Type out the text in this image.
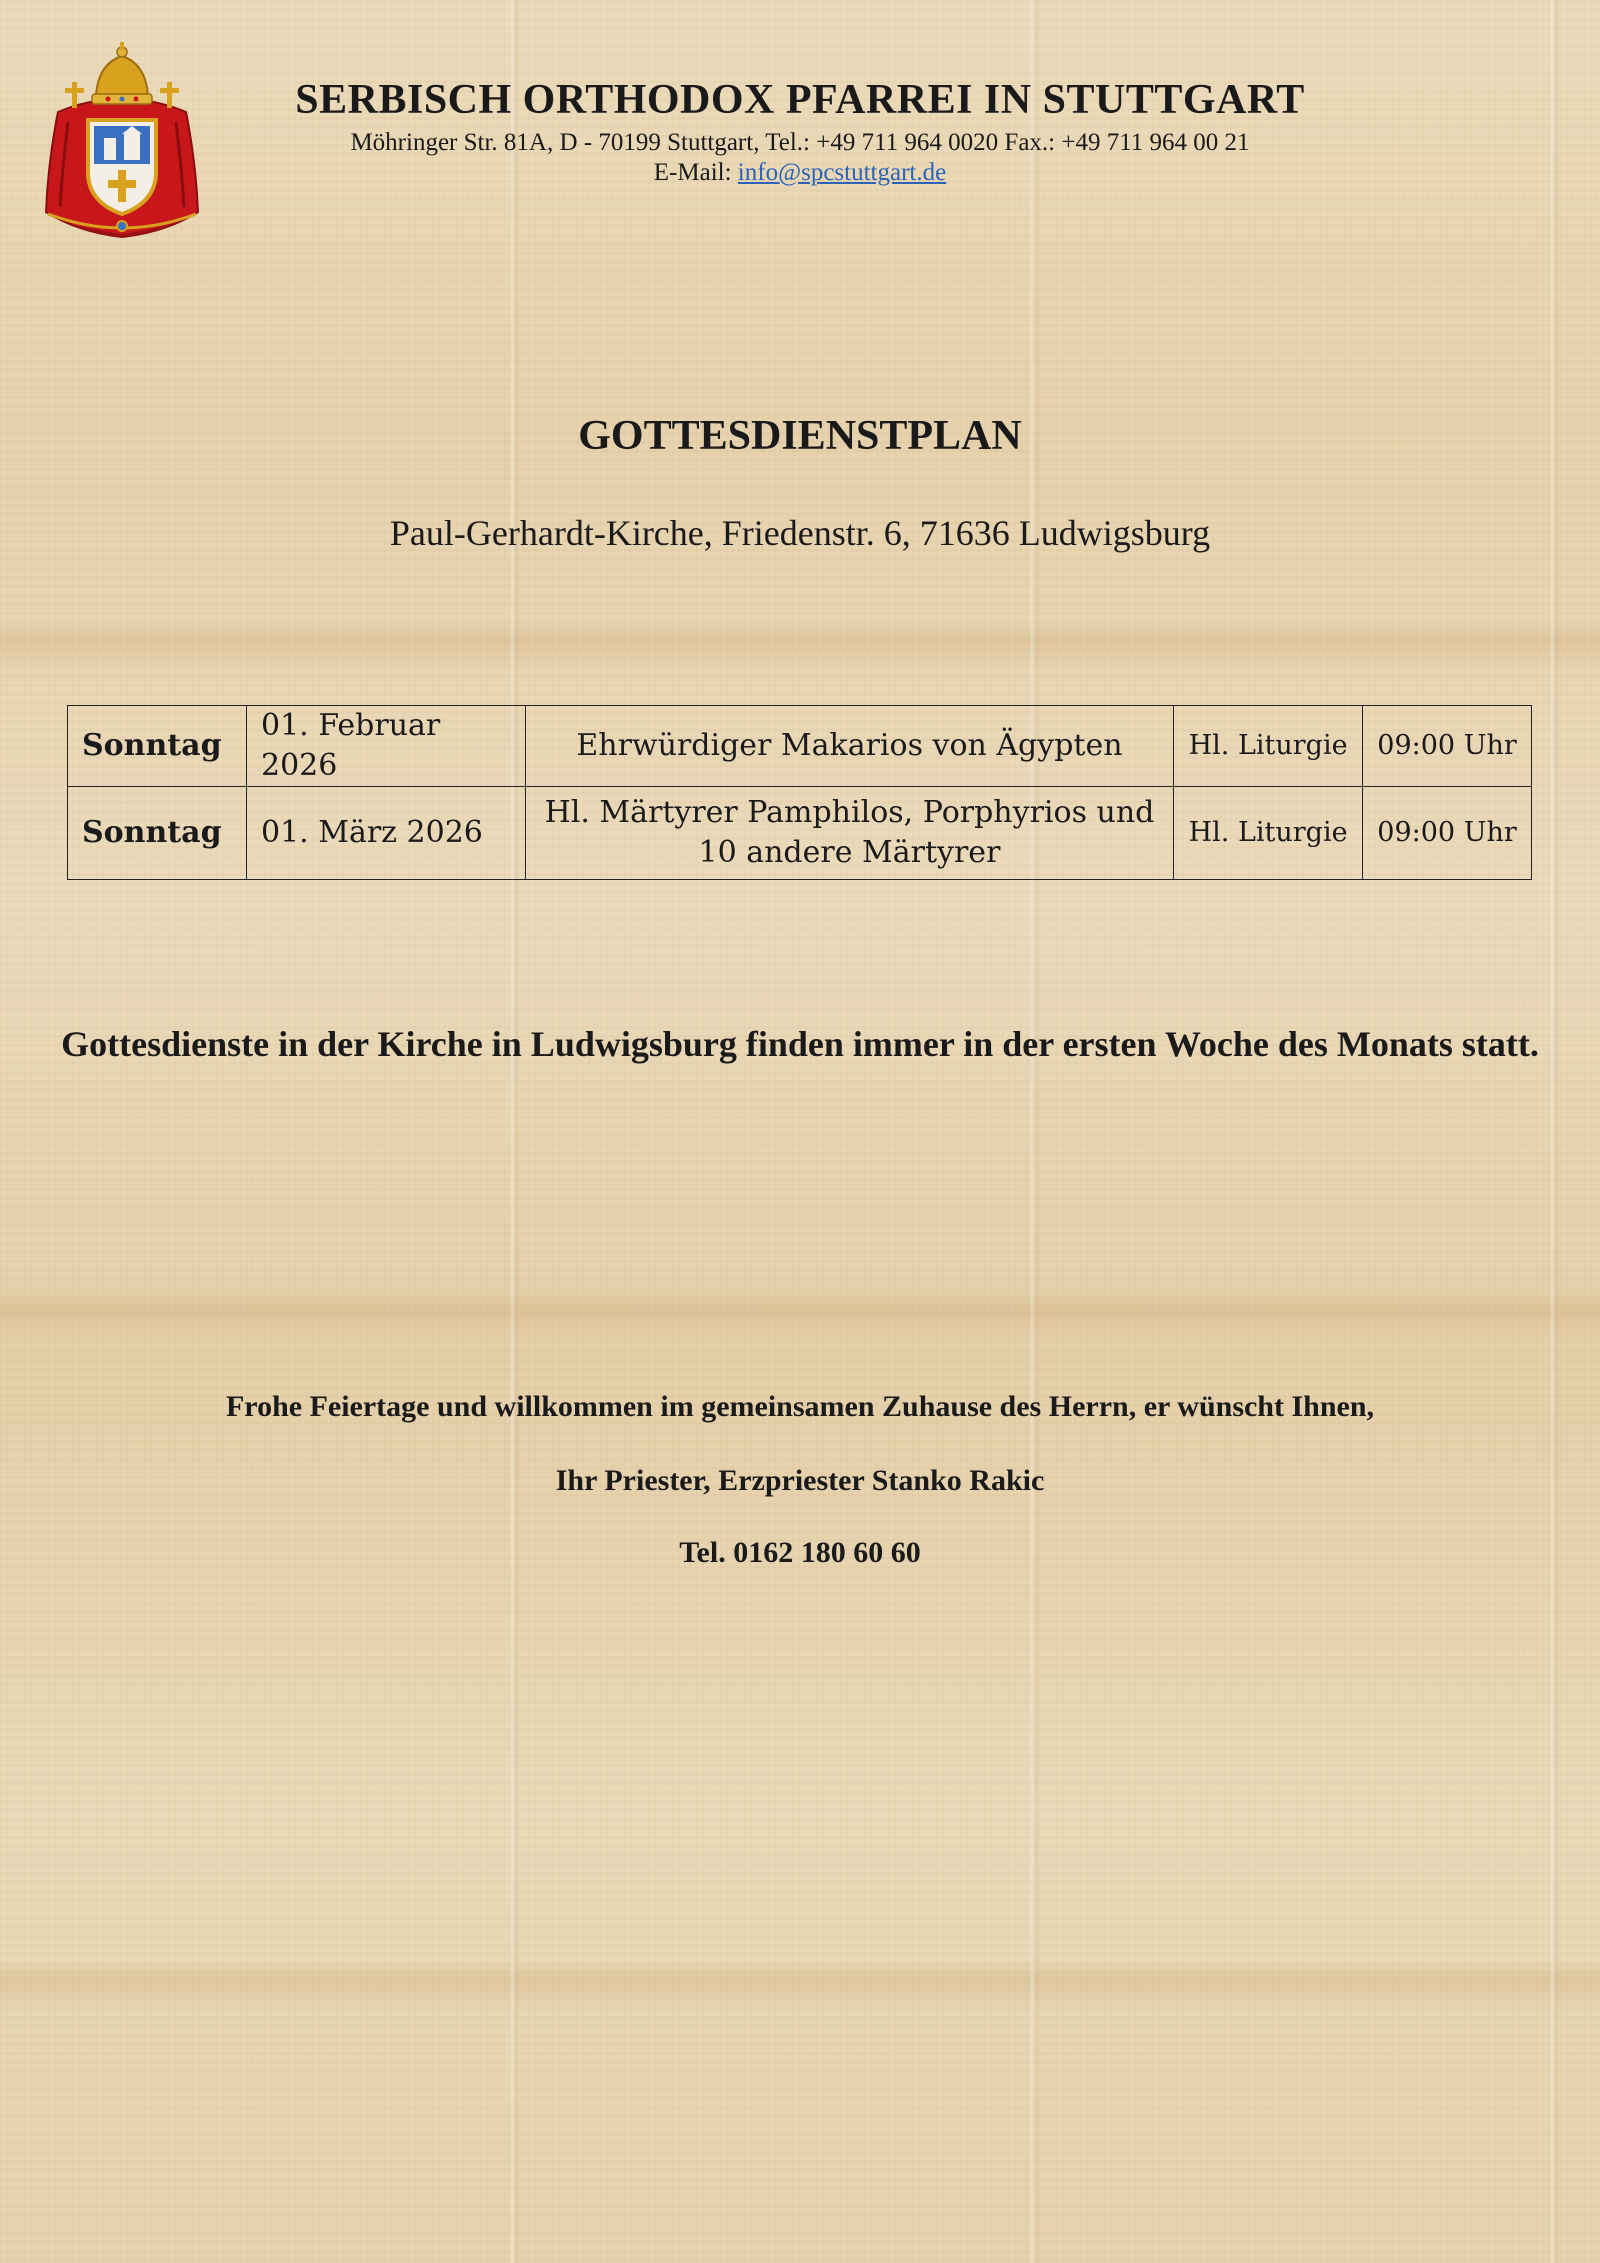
SERBISCH ORTHODOX PFARREI IN STUTTGART
Möhringer Str. 81A, D - 70199 Stuttgart, Tel.: +49 711 964 0020 Fax.: +49 711 964 00 21
E-Mail: info@spcstuttgart.de
GOTTESDIENSTPLAN
Paul-Gerhardt-Kirche, Friedenstr. 6, 71636 Ludwigsburg
Sonntag	01. Februar 2026	Ehrwürdiger Makarios von Ägypten	Hl. Liturgie	09:00 Uhr
Sonntag	01. März 2026	Hl. Märtyrer Pamphilos, Porphyrios und 10 andere Märtyrer	Hl. Liturgie	09:00 Uhr
Gottesdienste in der Kirche in Ludwigsburg finden immer in der ersten Woche des Monats statt.
Frohe Feiertage und willkommen im gemeinsamen Zuhause des Herrn, er wünscht Ihnen,
Ihr Priester, Erzpriester Stanko Rakic
Tel. 0162 180 60 60
